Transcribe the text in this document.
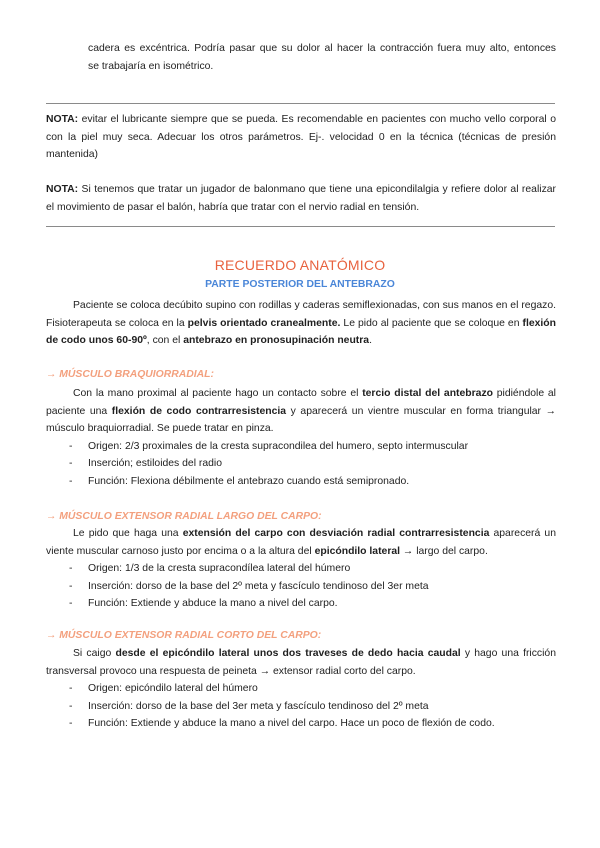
cadera es excéntrica. Podría pasar que su dolor al hacer la contracción fuera muy alto, entonces

se trabajaría en isométrico.

NOTA: evitar el lubricante siempre que se pueda. Es recomendable en pacientes con mucho vello corporal o con la piel muy seca. Adecuar los otros parámetros. Ej-. velocidad 0 en la técnica (técnicas de presión mantenida)

NOTA: Si tenemos que tratar un jugador de balonmano que tiene una epicondilalgia y refiere dolor al realizar el movimiento de pasar el balón, habría que tratar con el nervio radial en tensión.

RECUERDO ANATÓMICO
PARTE POSTERIOR DEL ANTEBRAZO

Paciente se coloca decúbito supino con rodillas y caderas semiflexionadas, con sus manos en el regazo. Fisioterapeuta se coloca en la pelvis orientado cranealmente. Le pido al paciente que se coloque en flexión de codo unos 60-90º, con el antebrazo en pronosupinación neutra.

→ MÚSCULO BRAQUIORRADIAL:

Con la mano proximal al paciente hago un contacto sobre el tercio distal del antebrazo pidiéndole al paciente una flexión de codo contrarresistencia y aparecerá un vientre muscular en forma triangular → músculo braquiorradial. Se puede tratar en pinza.

- Origen: 2/3 proximales de la cresta supracondilea del humero, septo intermuscular
- Inserción; estiloides del radio
- Función: Flexiona débilmente el antebrazo cuando está semipronado.
→ MÚSCULO EXTENSOR RADIAL LARGO DEL CARPO:

Le pido que haga una extensión del carpo con desviación radial contrarresistencia aparecerá un viente muscular carnoso justo por encima o a la altura del epicóndilo lateral → largo del carpo.

- Origen: 1/3 de la cresta supracondílea lateral del húmero
- Inserción: dorso de la base del 2º meta y fascículo tendinoso del 3er meta
- Función: Extiende y abduce la mano a nivel del carpo.
→ MÚSCULO EXTENSOR RADIAL CORTO DEL CARPO:

Si caigo desde el epicóndilo lateral unos dos traveses de dedo hacia caudal y hago una fricción transversal provoco una respuesta de peineta → extensor radial corto del carpo.

- Origen: epicóndilo lateral del húmero
- Inserción: dorso de la base del 3er meta y fascículo tendinoso del 2º meta
- Función: Extiende y abduce la mano a nivel del carpo. Hace un poco de flexión de codo.
